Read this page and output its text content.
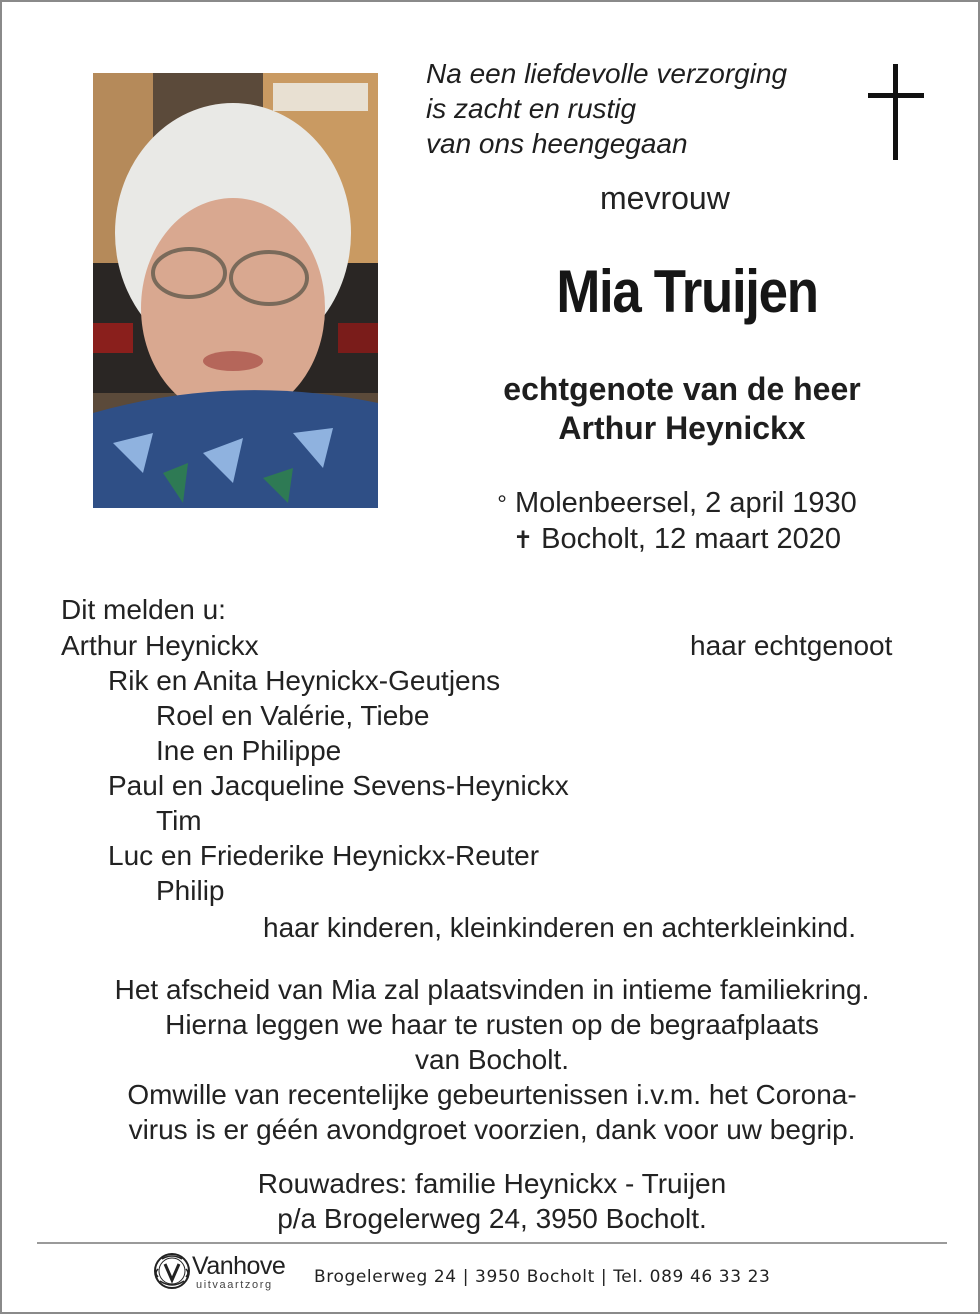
Na een liefdevolle verzorging
is zacht en rustig
van ons heengegaan
mevrouw
Mia Truijen
echtgenote van de heer
Arthur Heynickx
° Molenbeersel, 2 april 1930
✝ Bocholt, 12 maart 2020
Dit melden u:
Arthur Heynickx	haar echtgenoot
Rik en Anita Heynickx-Geutjens
Roel en Valérie, Tiebe
Ine en Philippe
Paul en Jacqueline Sevens-Heynickx
Tim
Luc en Friederike Heynickx-Reuter
Philip
haar kinderen, kleinkinderen en achterkleinkind.
Het afscheid van Mia zal plaatsvinden in intieme familiekring.
Hierna leggen we haar te rusten op de begraafplaats
van Bocholt.
Omwille van recentelijke gebeurtenissen i.v.m. het Corona-
virus is er géén avondgroet voorzien, dank voor uw begrip.
Rouwadres: familie Heynickx - Truijen
p/a Brogelerweg 24, 3950 Bocholt.
Vanhove
uitvaartzorg Brogelerweg 24 | 3950 Bocholt | Tel. 089 46 33 23
